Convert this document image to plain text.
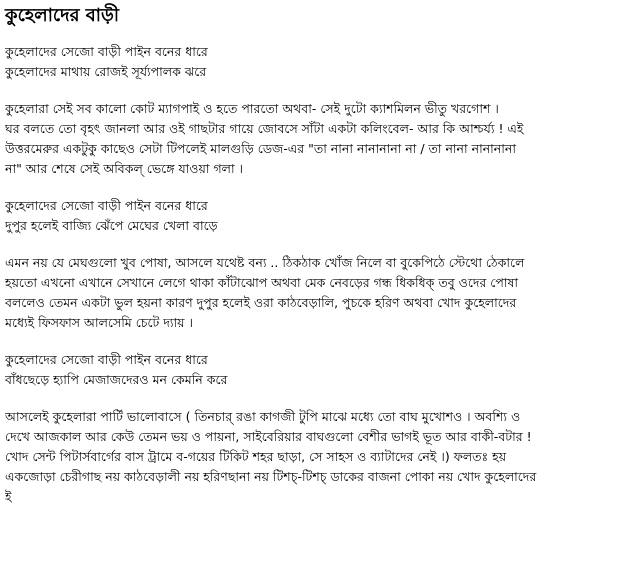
কুহেলাদের বাড়ী
কুহেলাদের সেজো বাড়ী পাইন বনের ধারে
কুহেলাদের মাথায় রোজই সূর্য্যপালক ঝরে
কুহেলারা সেই সব কালো কোট ম্যাগপাই ও হতে পারতো অথবা- সেই দুটো ক্যাশমিলন ভীতু খরগোশ ।
ঘর বলতে তো বৃহৎ জানলা আর ওই গাছটার গায়ে জোবসে সাঁটা একটা কলিংবেল- আর কি আশ্চর্য্য ! এই
উত্তরমেরুর একটুকু কাছেও সেটা টিপলেই মালগুড়ি ডেজ-এর "তা নানা নানানানা না / তা নানা নানানানা
না" আর শেষে সেই অবিকল্ ভেঙ্গে যাওয়া গলা ।
কুহেলাদের সেজো বাড়ী পাইন বনের ধারে
দুপুর হলেই বাজ্যি ঝেঁপে মেঘের খেলা বাড়ে
এমন নয় যে মেঘগুলো খুব পোষা, আসলে যথেষ্ট বন্য .. ঠিকঠাক খোঁজ নিলে বা বুকেপিঠে স্টেথো ঠেকালে
হয়তো এখনো এখানে সেখানে লেগে থাকা কাঁটাঝোপ অথবা মেক নেবড়ের গন্ধ ধিকধিক্ তবু ওদের পোষা
বললেও তেমন একটা ভুল হয়না কারণ দুপুর হলেই ওরা কাঠবেড়ালি, পুচকে হরিণ অথবা খোদ কুহেলাদের
মধ্যেই ফিসফাস আলসেমি চেটে দ্যায় ।
কুহেলাদের সেজো বাড়ী পাইন বনের ধারে
বাঁধছেড়ে হ্যাপি মেজাজদেরও মন কেমনি করে
আসলেই কুহেলারা পার্টি ভালোবাসে ( তিনচার্ রঙা কাগজী টুপি মাঝে মধ্যে তো বাঘ মুখোশও । অবশ্যি ও
দেখে আজকাল আর কেউ তেমন ভয় ও পায়না, সাইবেরিয়ার বাঘগুলো বেশীর ভাগই ভূত আর বাকী-বটার !
খোদ সেন্ট পিটার্সবার্গের বাস ট্রামে ব-গয়ের টিকিট শহর ছাড়া, সে সাহস ও ব্যাটাদের নেই ।) ফলতঃ হয়
একজোড়া চেরীগাছ নয় কাঠবেড়ালী নয় হরিণছানা নয় টিশচ্-টিশচ্ ডাকের বাজনা পোকা নয় খোদ কুহেলাদের
ই
